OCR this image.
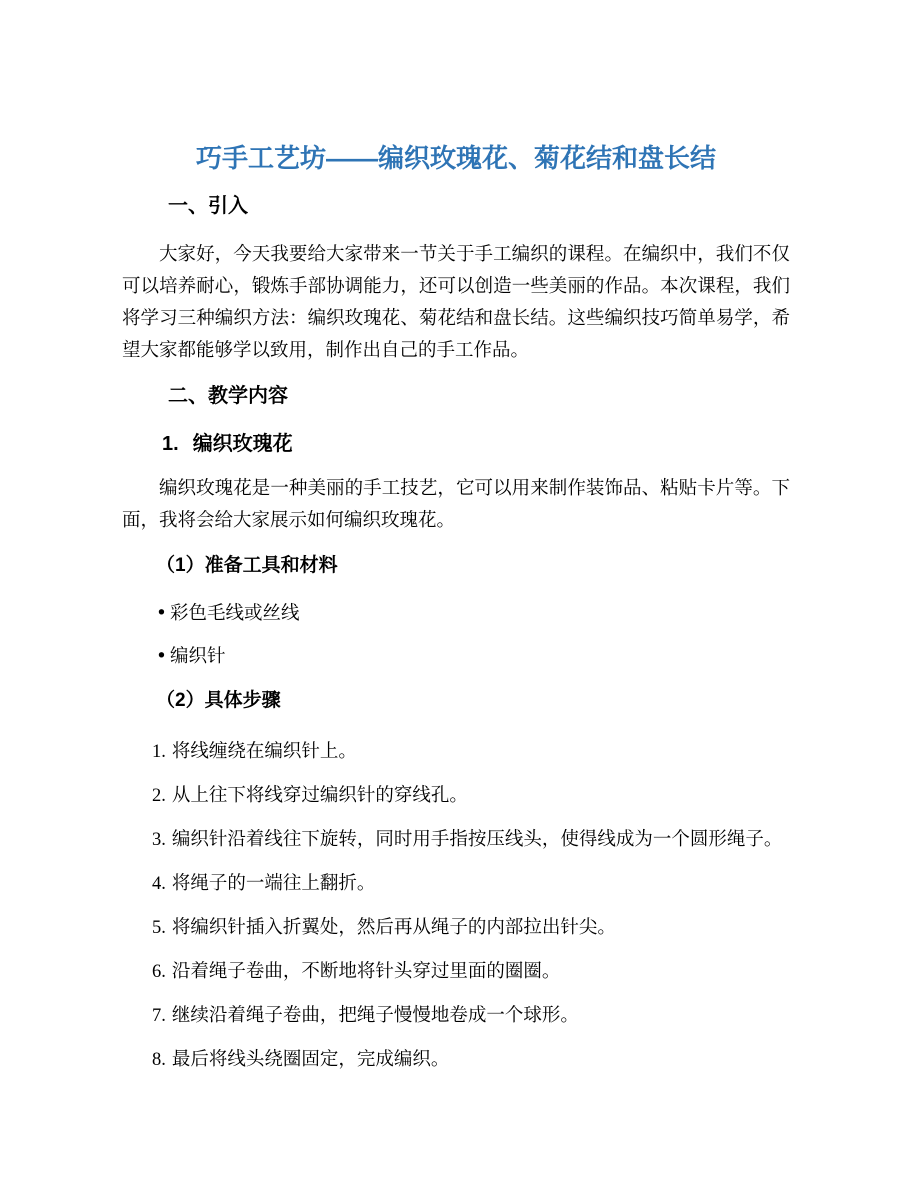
巧手工艺坊——编织玫瑰花、菊花结和盘长结
一、引入

大家好，今天我要给大家带来一节关于手工编织的课程。在编织中，我们不仅可以培养耐心，锻炼手部协调能力，还可以创造一些美丽的作品。本次课程，我们将学习三种编织方法：编织玫瑰花、菊花结和盘长结。这些编织技巧简单易学，希望大家都能够学以致用，制作出自己的手工作品。

二、教学内容
1. 编织玫瑰花

编织玫瑰花是一种美丽的手工技艺，它可以用来制作装饰品、粘贴卡片等。下面，我将会给大家展示如何编织玫瑰花。

（1）准备工具和材料
• 彩色毛线或丝线
• 编织针
（2）具体步骤

1. 将线缠绕在编织针上。

2. 从上往下将线穿过编织针的穿线孔。

3. 编织针沿着线往下旋转，同时用手指按压线头，使得线成为一个圆形绳子。

4. 将绳子的一端往上翻折。

5. 将编织针插入折翼处，然后再从绳子的内部拉出针尖。

6. 沿着绳子卷曲，不断地将针头穿过里面的圈圈。

7. 继续沿着绳子卷曲，把绳子慢慢地卷成一个球形。

8. 最后将线头绕圈固定，完成编织。
